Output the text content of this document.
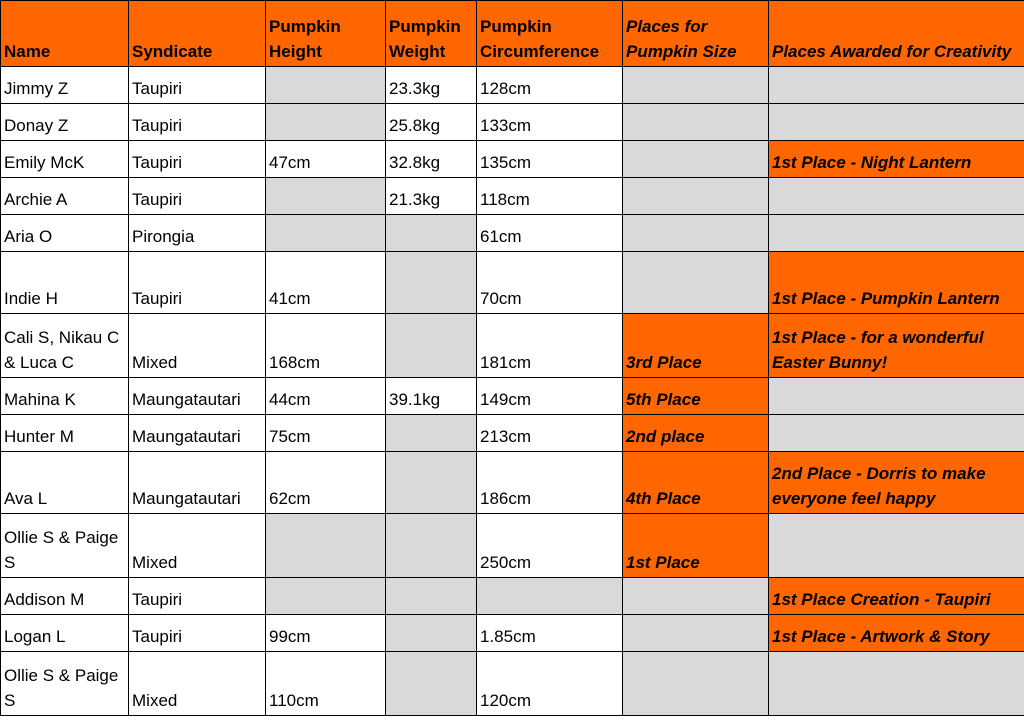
Name	Syndicate	Pumpkin Height	Pumpkin Weight	Pumpkin Circumference	Places for Pumpkin Size	Places Awarded for Creativity
Jimmy Z	Taupiri		23.3kg	128cm		
Donay Z	Taupiri		25.8kg	133cm		
Emily McK	Taupiri	47cm	32.8kg	135cm		1st Place - Night Lantern
Archie A	Taupiri		21.3kg	118cm		
Aria O	Pirongia			61cm		
Indie H	Taupiri	41cm		70cm		1st Place - Pumpkin Lantern
Cali S, Nikau C & Luca C	Mixed	168cm		181cm	3rd Place	1st Place - for a wonderful Easter Bunny!
Mahina K	Maungatautari	44cm	39.1kg	149cm	5th Place	
Hunter M	Maungatautari	75cm		213cm	2nd place	
Ava L	Maungatautari	62cm		186cm	4th Place	2nd Place - Dorris to make everyone feel happy
Ollie S & Paige S	Mixed			250cm	1st Place	
Addison M	Taupiri					1st Place Creation - Taupiri
Logan L	Taupiri	99cm		1.85cm		1st Place - Artwork & Story
Ollie S & Paige S	Mixed	110cm		120cm		
